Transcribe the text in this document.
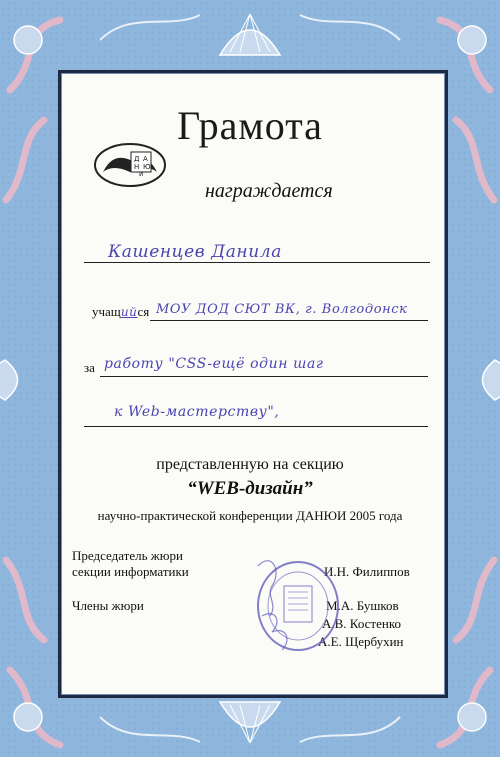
Грамота
Д А
Н Ю
И
награждается
Кашенцев Данила
учащийся МОУ ДОД СЮТ ВК, г. Волгодонск
за работу "CSS-ещё один шаг
к Web-мастерству",
представленную на секцию
“WEB-дизайн”
научно-практической конференции ДАНЮИ 2005 года
Председатель жюри
секции информатики	И.Н. Филиппов
Члены жюри	М.А. Бушков
А.В. Костенко
А.Е. Щербухин
